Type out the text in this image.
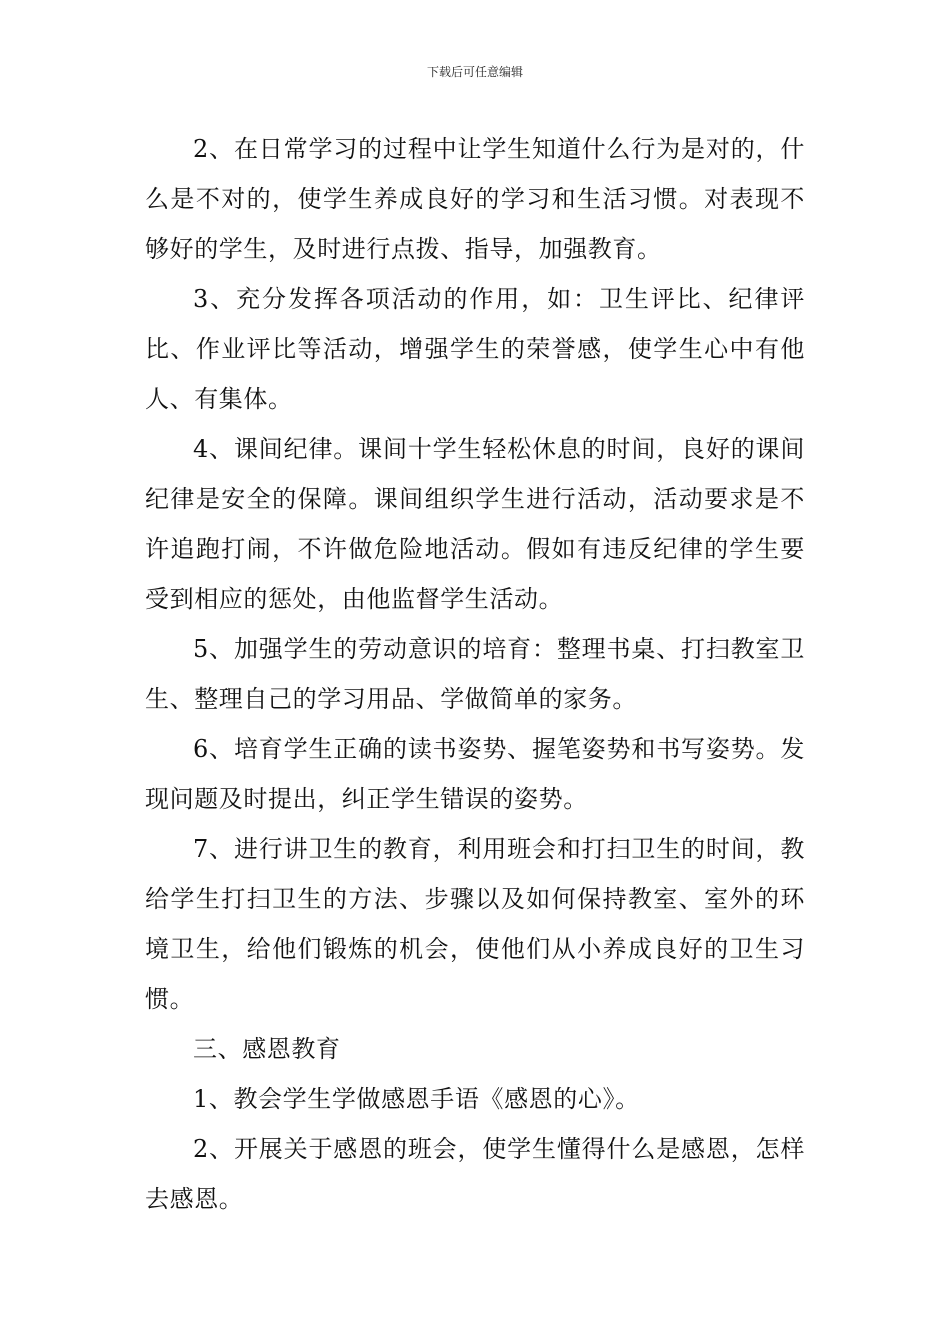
下载后可任意编辑

2、在日常学习的过程中让学生知道什么行为是对的，什么是不对的，使学生养成良好的学习和生活习惯。对表现不够好的学生，及时进行点拨、指导，加强教育。

3、充分发挥各项活动的作用，如：卫生评比、纪律评比、作业评比等活动，增强学生的荣誉感，使学生心中有他人、有集体。

4、课间纪律。课间十学生轻松休息的时间，良好的课间纪律是安全的保障。课间组织学生进行活动，活动要求是不许追跑打闹，不许做危险地活动。假如有违反纪律的学生要受到相应的惩处，由他监督学生活动。

5、加强学生的劳动意识的培育：整理书桌、打扫教室卫生、整理自己的学习用品、学做简单的家务。

6、培育学生正确的读书姿势、握笔姿势和书写姿势。发现问题及时提出，纠正学生错误的姿势。

7、进行讲卫生的教育，利用班会和打扫卫生的时间，教给学生打扫卫生的方法、步骤以及如何保持教室、室外的环境卫生，给他们锻炼的机会，使他们从小养成良好的卫生习惯。

三、感恩教育

1、教会学生学做感恩手语《感恩的心》。

2、开展关于感恩的班会，使学生懂得什么是感恩，怎样去感恩。
